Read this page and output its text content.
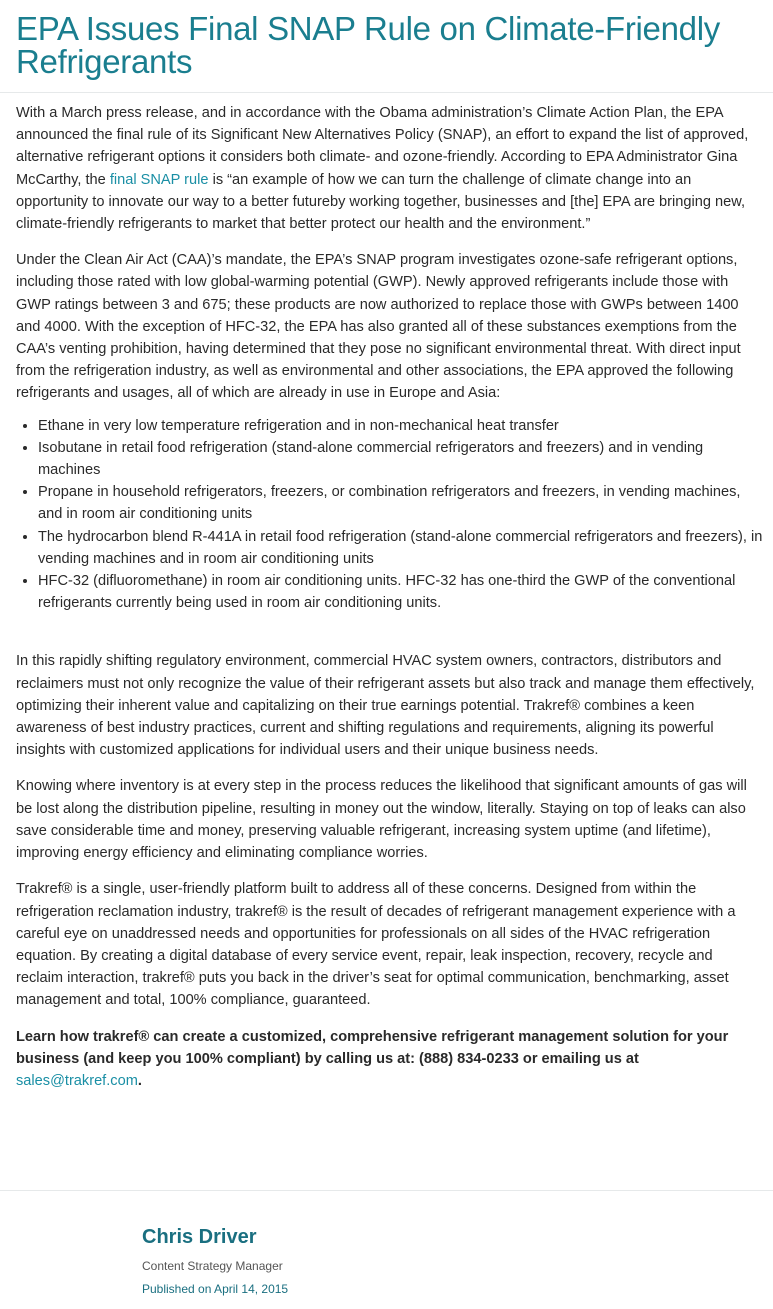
EPA Issues Final SNAP Rule on Climate-Friendly Refrigerants

With a March press release, and in accordance with the Obama administration’s Climate Action Plan, the EPA announced the final rule of its Significant New Alternatives Policy (SNAP), an effort to expand the list of approved, alternative refrigerant options it considers both climate- and ozone-friendly. According to EPA Administrator Gina McCarthy, the final SNAP rule is “an example of how we can turn the challenge of climate change into an opportunity to innovate our way to a better futureby working together, businesses and [the] EPA are bringing new, climate-friendly refrigerants to market that better protect our health and the environment.”

Under the Clean Air Act (CAA)’s mandate, the EPA’s SNAP program investigates ozone-safe refrigerant options, including those rated with low global-warming potential (GWP). Newly approved refrigerants include those with GWP ratings between 3 and 675; these products are now authorized to replace those with GWPs between 1400 and 4000. With the exception of HFC-32, the EPA has also granted all of these substances exemptions from the CAA’s venting prohibition, having determined that they pose no significant environmental threat. With direct input from the refrigeration industry, as well as environmental and other associations, the EPA approved the following refrigerants and usages, all of which are already in use in Europe and Asia:

• Ethane in very low temperature refrigeration and in non-mechanical heat transfer
• Isobutane in retail food refrigeration (stand-alone commercial refrigerators and freezers) and in vending machines
• Propane in household refrigerators, freezers, or combination refrigerators and freezers, in vending machines, and in room air conditioning units
• The hydrocarbon blend R-441A in retail food refrigeration (stand-alone commercial refrigerators and freezers), in vending machines and in room air conditioning units
• HFC-32 (difluoromethane) in room air conditioning units. HFC-32 has one-third the GWP of the conventional refrigerants currently being used in room air conditioning units.

In this rapidly shifting regulatory environment, commercial HVAC system owners, contractors, distributors and reclaimers must not only recognize the value of their refrigerant assets but also track and manage them effectively, optimizing their inherent value and capitalizing on their true earnings potential. Trakref® combines a keen awareness of best industry practices, current and shifting regulations and requirements, aligning its powerful insights with customized applications for individual users and their unique business needs.

Knowing where inventory is at every step in the process reduces the likelihood that significant amounts of gas will be lost along the distribution pipeline, resulting in money out the window, literally. Staying on top of leaks can also save considerable time and money, preserving valuable refrigerant, increasing system uptime (and lifetime), improving energy efficiency and eliminating compliance worries.

Trakref® is a single, user-friendly platform built to address all of these concerns. Designed from within the refrigeration reclamation industry, trakref® is the result of decades of refrigerant management experience with a careful eye on unaddressed needs and opportunities for professionals on all sides of the HVAC refrigeration equation. By creating a digital database of every service event, repair, leak inspection, recovery, recycle and reclaim interaction, trakref® puts you back in the driver’s seat for optimal communication, benchmarking, asset management and total, 100% compliance, guaranteed.

Learn how trakref® can create a customized, comprehensive refrigerant management solution for your business (and keep you 100% compliant) by calling us at: (888) 834-0233 or emailing us at sales@trakref.com.

Chris Driver
Content Strategy Manager
Published on April 14, 2015
